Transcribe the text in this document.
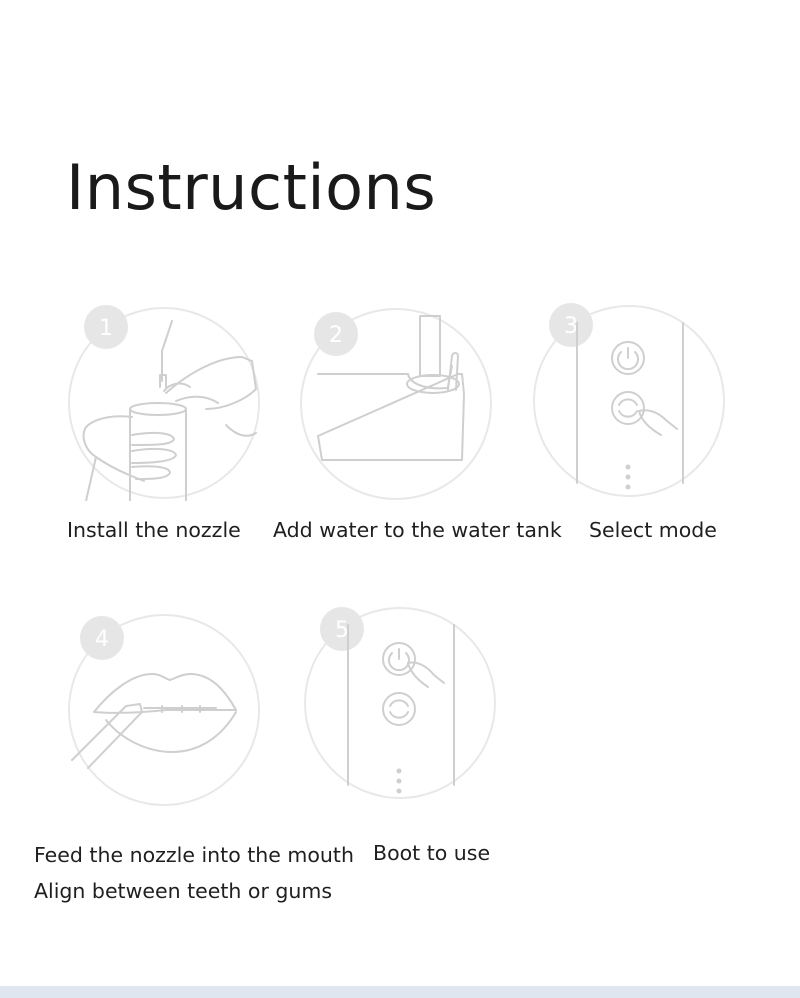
Instructions
1
Install the nozzle
2
Add water to the water tank
3
Select mode
4
Feed the nozzle into the mouth
Align between teeth or gums
5
Boot to use
